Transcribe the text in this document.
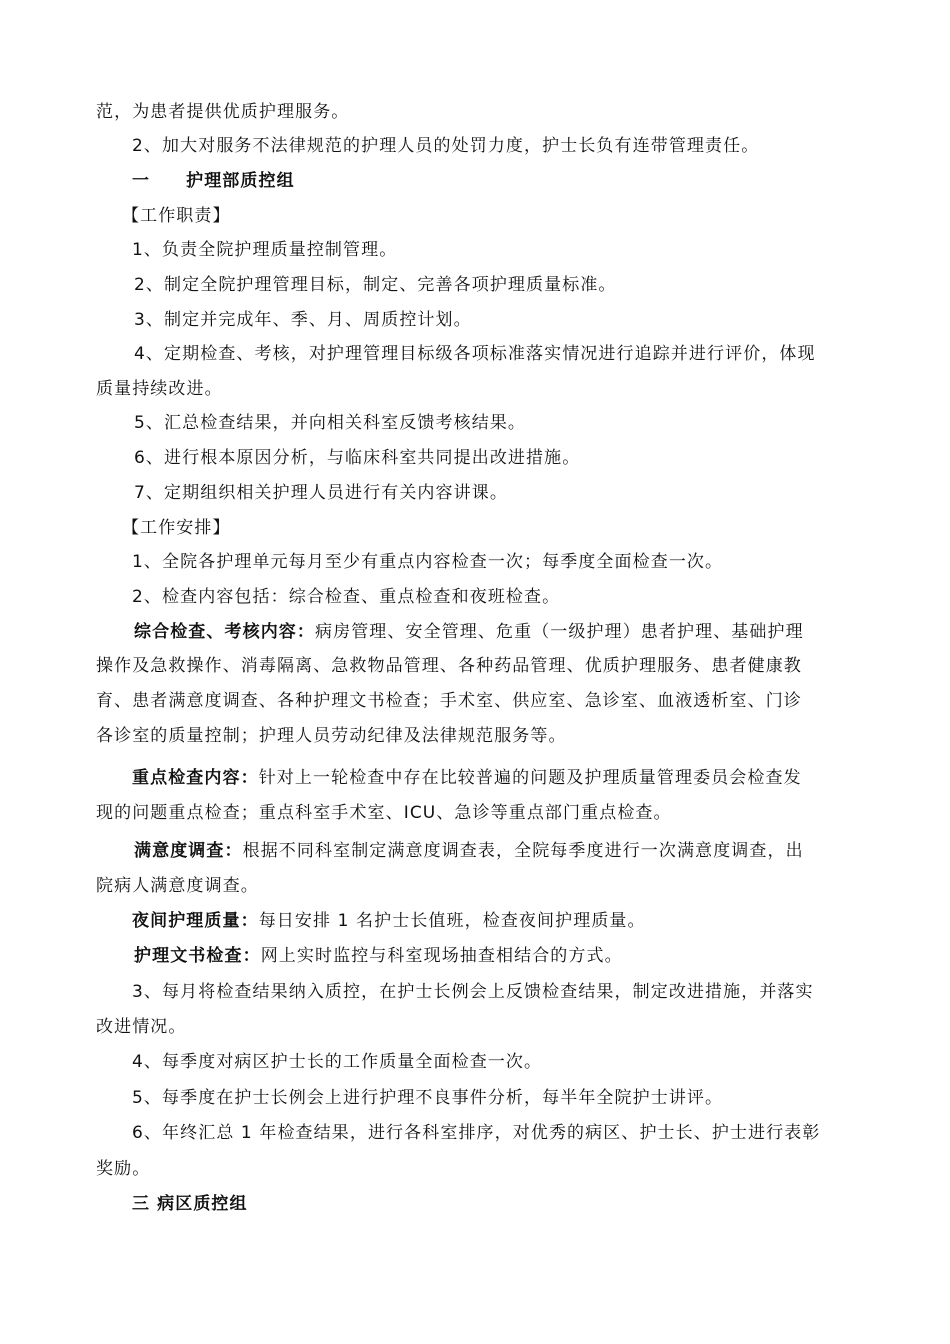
范，为患者提供优质护理服务。
2、加大对服务不法律规范的护理人员的处罚力度，护士长负有连带管理责任。
一 护理部质控组
【工作职责】
1、负责全院护理质量控制管理。
2、制定全院护理管理目标，制定、完善各项护理质量标准。
3、制定并完成年、季、月、周质控计划。
4、定期检查、考核，对护理管理目标级各项标准落实情况进行追踪并进行评价，体现
质量持续改进。
5、汇总检查结果，并向相关科室反馈考核结果。
6、进行根本原因分析，与临床科室共同提出改进措施。
7、定期组织相关护理人员进行有关内容讲课。
【工作安排】
1、全院各护理单元每月至少有重点内容检查一次；每季度全面检查一次。
2、检查内容包括：综合检查、重点检查和夜班检查。
综合检查、考核内容：病房管理、安全管理、危重（一级护理）患者护理、基础护理
操作及急救操作、消毒隔离、急救物品管理、各种药品管理、优质护理服务、患者健康教
育、患者满意度调查、各种护理文书检查；手术室、供应室、急诊室、血液透析室、门诊
各诊室的质量控制；护理人员劳动纪律及法律规范服务等。
重点检查内容：针对上一轮检查中存在比较普遍的问题及护理质量管理委员会检查发
现的问题重点检查；重点科室手术室、ICU、急诊等重点部门重点检查。
满意度调查：根据不同科室制定满意度调查表，全院每季度进行一次满意度调查，出
院病人满意度调查。
夜间护理质量：每日安排 1 名护士长值班，检查夜间护理质量。
护理文书检查：网上实时监控与科室现场抽查相结合的方式。
3、每月将检查结果纳入质控，在护士长例会上反馈检查结果，制定改进措施，并落实
改进情况。
4、每季度对病区护士长的工作质量全面检查一次。
5、每季度在护士长例会上进行护理不良事件分析，每半年全院护士讲评。
6、年终汇总 1 年检查结果，进行各科室排序，对优秀的病区、护士长、护士进行表彰
奖励。
三 病区质控组
